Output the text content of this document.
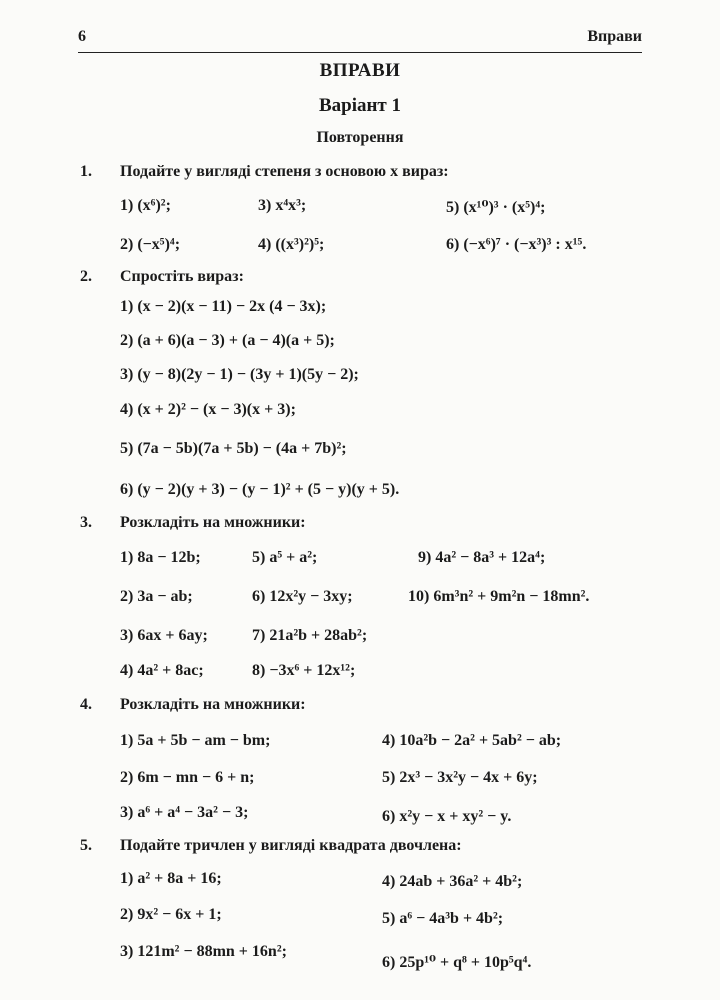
6	Вправи
ВПРАВИ
Варіант 1
Повторення
1. Подайте у вигляді степеня з основою x вираз:
1) (x⁶)²;	3) x⁴x³;	5) (x¹⁰)³ · (x⁵)⁴;
2) (−x⁵)⁴;	4) ((x³)²)⁵;	6) (−x⁶)⁷ · (−x³)³ : x¹⁵.
2. Спростіть вираз:
1) (x − 2)(x − 11) − 2x (4 − 3x);
2) (a + 6)(a − 3) + (a − 4)(a + 5);
3) (y − 8)(2y − 1) − (3y + 1)(5y − 2);
4) (x + 2)² − (x − 3)(x + 3);
5) (7a − 5b)(7a + 5b) − (4a + 7b)²;
6) (y − 2)(y + 3) − (y − 1)² + (5 − y)(y + 5).
3. Розкладіть на множники:
1) 8a − 12b;	5) a⁵ + a²;	9) 4a² − 8a³ + 12a⁴;
2) 3a − ab;	6) 12x²y − 3xy;	10) 6m³n² + 9m²n − 18mn².
3) 6ax + 6ay;	7) 21a²b + 28ab²;
4) 4a² + 8ac;	8) −3x⁶ + 12x¹²;
4. Розкладіть на множники:
1) 5a + 5b − am − bm;	4) 10a²b − 2a² + 5ab² − ab;
2) 6m − mn − 6 + n;	5) 2x³ − 3x²y − 4x + 6y;
3) a⁶ + a⁴ − 3a² − 3;	6) x²y − x + xy² − y.
5. Подайте тричлен у вигляді квадрата двочлена:
1) a² + 8a + 16;	4) 24ab + 36a² + 4b²;
2) 9x² − 6x + 1;	5) a⁶ − 4a³b + 4b²;
3) 121m² − 88mn + 16n²;
6) 25p¹⁰ + q⁸ + 10p⁵q⁴.
